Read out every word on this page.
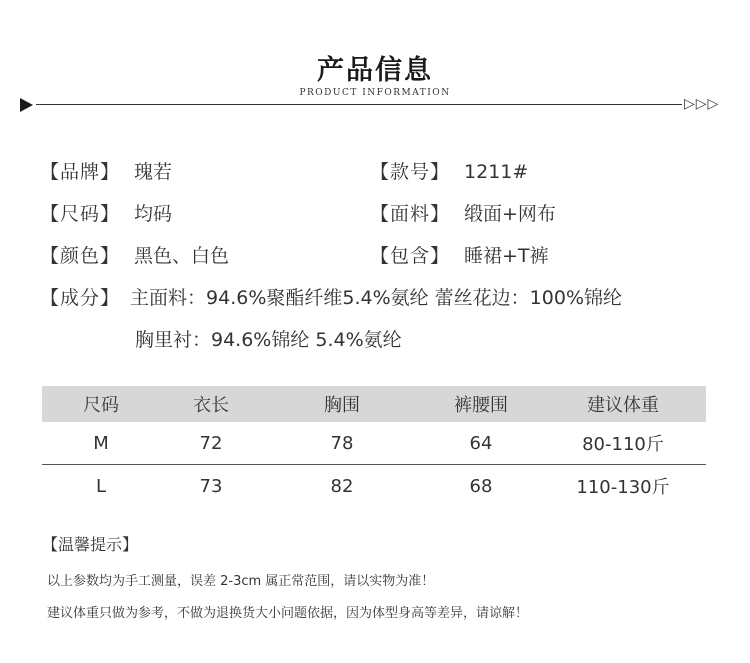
产品信息
PRODUCT INFORMATION
▷▷▷
【品牌】 瑰若	【款号】 1211#
【尺码】 均码	【面料】 缎面+网布
【颜色】 黑色、白色	【包含】 睡裙+T裤
【成分】 主面料：94.6%聚酯纤维5.4%氨纶 蕾丝花边：100%锦纶
胸里衬：94.6%锦纶 5.4%氨纶
尺码	衣长	胸围	裤腰围	建议体重
M	72	78	64	80-110斤
L	73	82	68	110-130斤
【温馨提示】
以上参数均为手工测量，误差 2-3cm 属正常范围，请以实物为准！
建议体重只做为参考，不做为退换货大小问题依据，因为体型身高等差异，请谅解！
